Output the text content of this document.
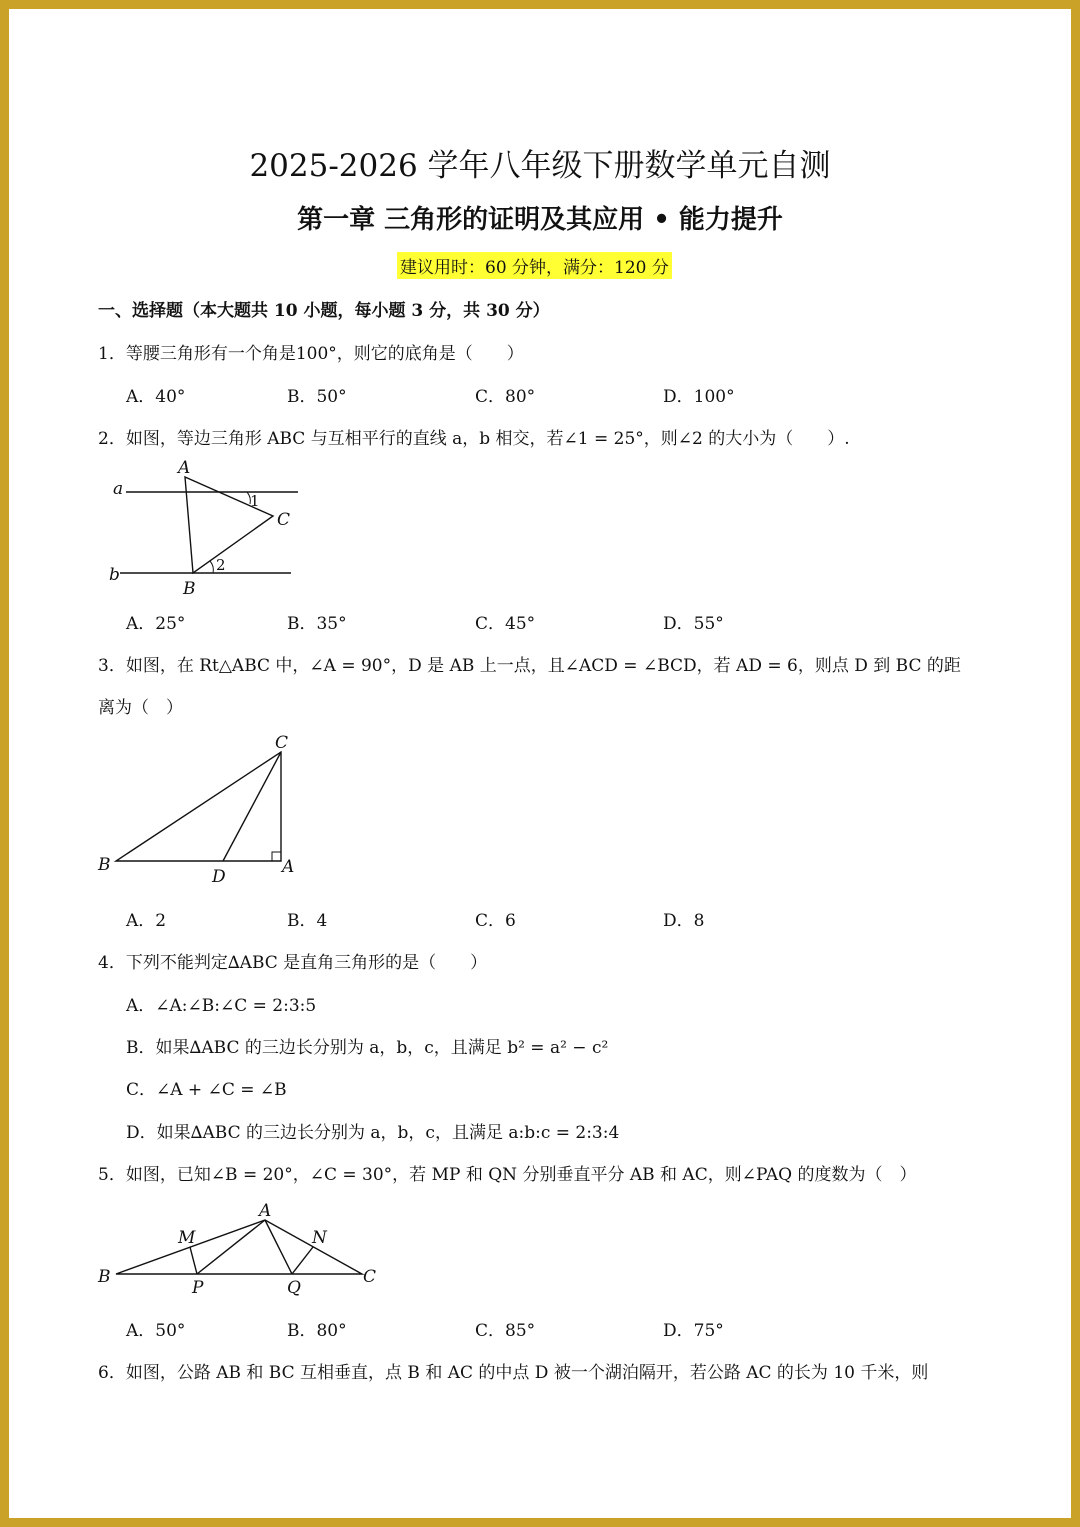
2025-2026 学年八年级下册数学单元自测
第一章 三角形的证明及其应用 • 能力提升
建议用时：60 分钟，满分：120 分
一、选择题（本大题共 10 小题，每小题 3 分，共 30 分）
1．等腰三角形有一个角是100°，则它的底角是（　　）
A．40°	B．50°	C．80°	D．100°
2．如图，等边三角形 ABC 与互相平行的直线 a，b 相交，若∠1 = 25°，则∠2 的大小为（　　）.
a
b
A
B
C
1
2
A．25°	B．35°	C．45°	D．55°
3．如图，在 Rt△ABC 中，∠A = 90°，D 是 AB 上一点，且∠ACD = ∠BCD，若 AD = 6，则点 D 到 BC 的距
离为（　）
C
B	A
D
A．2	B．4	C．6	D．8
4．下列不能判定∆ABC 是直角三角形的是（　　）
A．∠A:∠B:∠C = 2:3:5
B．如果∆ABC 的三边长分别为 a，b，c，且满足 b² = a² − c²
C．∠A + ∠C = ∠B
D．如果∆ABC 的三边长分别为 a，b，c，且满足 a:b:c = 2:3:4
5．如图，已知∠B = 20°，∠C = 30°，若 MP 和 QN 分别垂直平分 AB 和 AC，则∠PAQ 的度数为（　）
A
M	N
B	C
P	Q
A．50°	B．80°	C．85°	D．75°
6．如图，公路 AB 和 BC 互相垂直，点 B 和 AC 的中点 D 被一个湖泊隔开，若公路 AC 的长为 10 千米，则
